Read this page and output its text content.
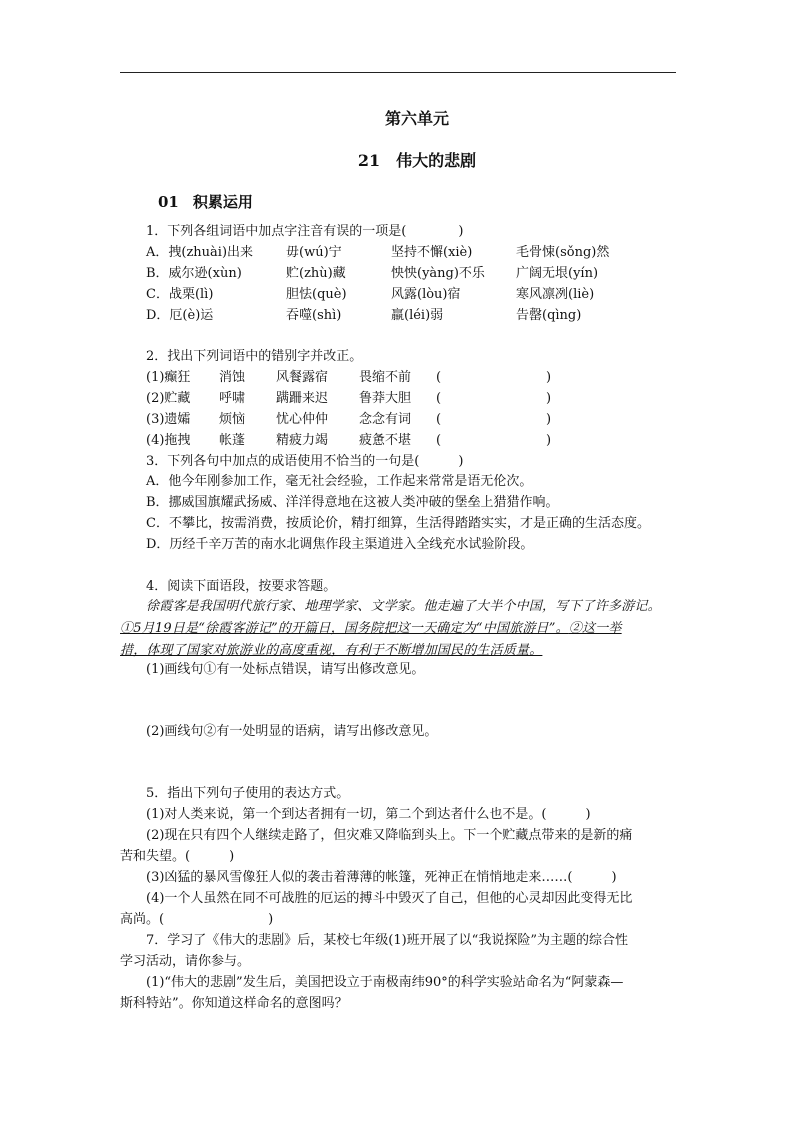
第六单元
21 伟大的悲剧
01 积累运用
1．下列各组词语中加点字注音有误的一项是(　　　　)
A．拽(zhuài)出来	毋(wú)宁	坚持不懈(xiè)	毛骨悚(sǒng)然
B．威尔逊(xùn)	贮(zhù)藏	怏怏(yàng)不乐 广阔无垠(yín)
C．战栗(lì)	胆怯(què)	风露(lòu)宿	寒风凛冽(liè)
D．厄(è)运	吞噬(shì)	羸(léi)弱	告罄(qìng)
2．找出下列词语中的错别字并改正。
(1)癫狂 消蚀 风餐露宿 畏缩不前 (	)
(2)贮藏 呼啸 蹒跚来迟 鲁莽大胆 (	)
(3)遗孀 烦恼 忧心仲仲 念念有词 (	)
(4)拖拽 帐蓬 精疲力竭 疲惫不堪 (	)
3．下列各句中加点的成语使用不恰当的一句是(　　　)
A．他今年刚参加工作，毫无社会经验，工作起来常常是语无伦次。
B．挪威国旗耀武扬威、洋洋得意地在这被人类冲破的堡垒上猎猎作响。
C．不攀比，按需消费，按质论价，精打细算，生活得踏踏实实，才是正确的生活态度。
D．历经千辛万苦的南水北调焦作段主渠道进入全线充水试验阶段。
4．阅读下面语段，按要求答题。
徐霞客是我国明代旅行家、地理学家、文学家。他走遍了大半个中国，写下了许多游记。
①5月19日是“徐霞客游记”的开篇日，国务院把这一天确定为“中国旅游日”。②这一举
措，体现了国家对旅游业的高度重视，有利于不断增加国民的生活质量。
(1)画线句①有一处标点错误，请写出修改意见。
(2)画线句②有一处明显的语病，请写出修改意见。
5．指出下列句子使用的表达方式。
(1)对人类来说，第一个到达者拥有一切，第二个到达者什么也不是。(　　　)
(2)现在只有四个人继续走路了，但灾难又降临到头上。下一个贮藏点带来的是新的痛
苦和失望。(　　　)
(3)凶猛的暴风雪像狂人似的袭击着薄薄的帐篷，死神正在悄悄地走来……(　　　)
(4)一个人虽然在同不可战胜的厄运的搏斗中毁灭了自己，但他的心灵却因此变得无比
高尚。(　　　　　　　　)
7．学习了《伟大的悲剧》后，某校七年级(1)班开展了以“我说探险”为主题的综合性
学习活动，请你参与。
(1)“伟大的悲剧”发生后，美国把设立于南极南纬90°的科学实验站命名为“阿蒙森—
斯科特站”。你知道这样命名的意图吗？
